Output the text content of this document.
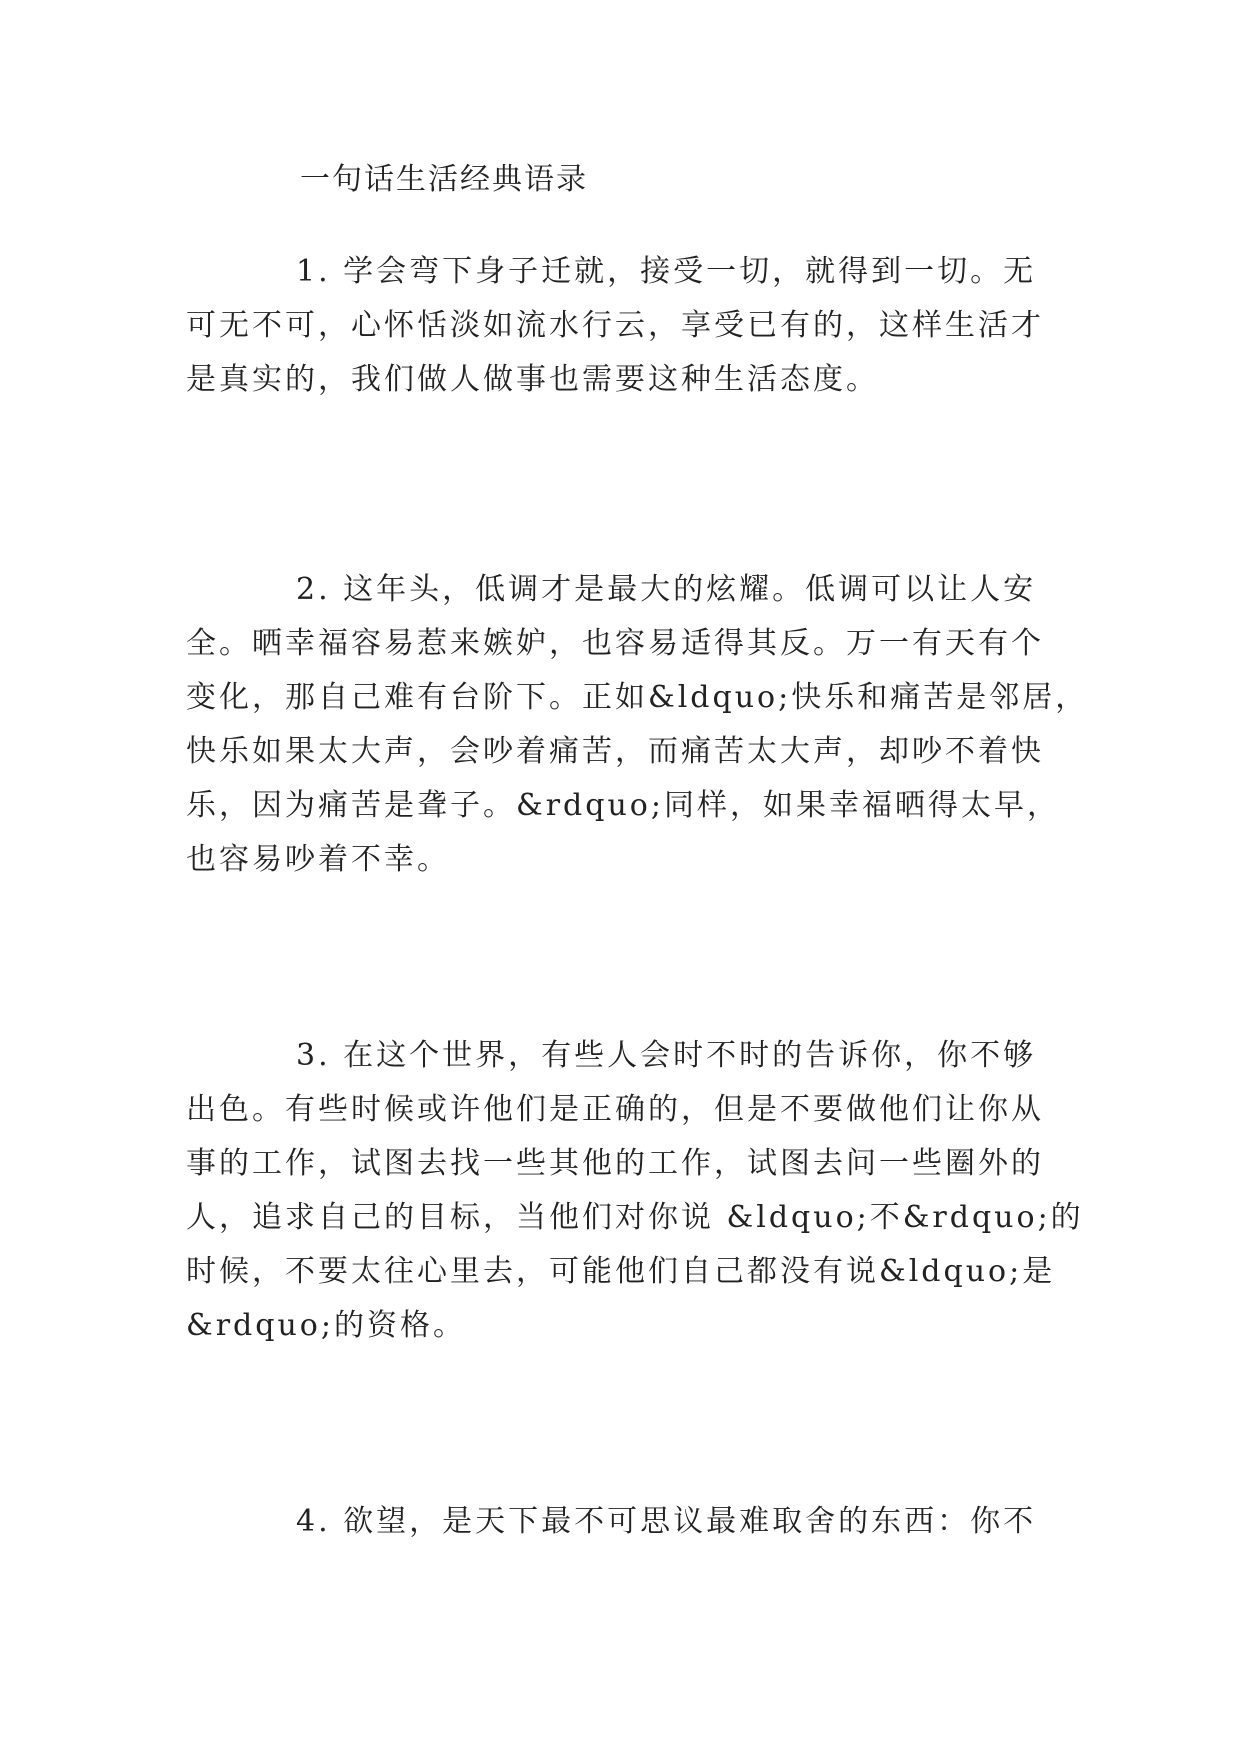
一句话生活经典语录
1. 学会弯下身子迁就，接受一切，就得到一切。无
可无不可，心怀恬淡如流水行云，享受已有的，这样生活才
是真实的，我们做人做事也需要这种生活态度。
2. 这年头，低调才是最大的炫耀。低调可以让人安
全。晒幸福容易惹来嫉妒，也容易适得其反。万一有天有个
变化，那自己难有台阶下。正如&ldquo;快乐和痛苦是邻居，
快乐如果太大声，会吵着痛苦，而痛苦太大声，却吵不着快
乐，因为痛苦是聋子。&rdquo;同样，如果幸福晒得太早，
也容易吵着不幸。
3. 在这个世界，有些人会时不时的告诉你，你不够
出色。有些时候或许他们是正确的，但是不要做他们让你从
事的工作，试图去找一些其他的工作，试图去问一些圈外的
人，追求自己的目标，当他们对你说 &ldquo;不&rdquo;的
时候，不要太往心里去，可能他们自己都没有说&ldquo;是
&rdquo;的资格。
4. 欲望，是天下最不可思议最难取舍的东西：你不
